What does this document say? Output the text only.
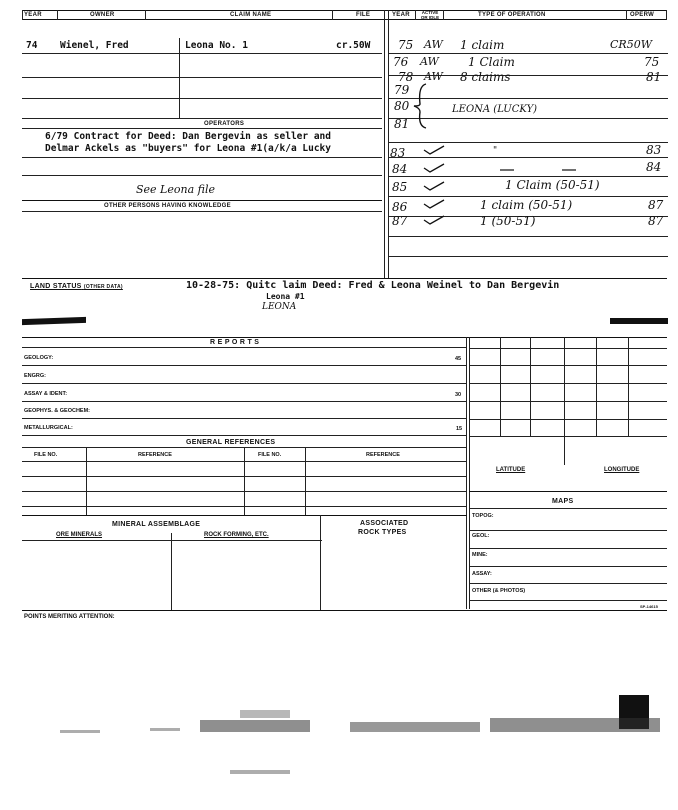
YEAR	OWNER	CLAIM NAME	FILE	YEAR	ACTIVE OR IDLE	TYPE OF OPERATION	OPERW
74 Wienel, Fred	Leona No. 1	cr.50W
OPERATORS
6/79 Contract for Deed: Dan Bergevin as seller and
Delmar Ackels as "buyers" for Leona #1(a/k/a Lucky
See Leona file
OTHER PERSONS HAVING KNOWLEDGE
75 AW 1 claim	CR50W
76 AW 1 Claim	75
78 AW 8 claims	81
79
80
81
LEONA (LUCKY)
83	"	83
84	84
85	1 Claim (50-51)
86	1 claim (50-51)	87
87	1 (50-51)	87
LAND STATUS (OTHER DATA)	10-28-75: Quitc laim Deed: Fred & Leona Weinel to Dan Bergevin
Leona #1
LEONA
R E P O R T S
GEOLOGY:	45
ENGRG:
ASSAY & IDENT:	30
GEOPHYS. & GEOCHEM:
METALLURGICAL:	15
GENERAL REFERENCES
FILE NO.	REFERENCE	FILE NO.	REFERENCE
LATITUDE	LONGITUDE
MAPS
TOPOG:
GEOL:
MINE:
ASSAY:
OTHER (& PHOTOS)
MINERAL ASSEMBLAGE
ORE MINERALS	ROCK FORMING, ETC.
ASSOCIATED
ROCK TYPES
POINTS MERITING ATTENTION:
SP-14615
